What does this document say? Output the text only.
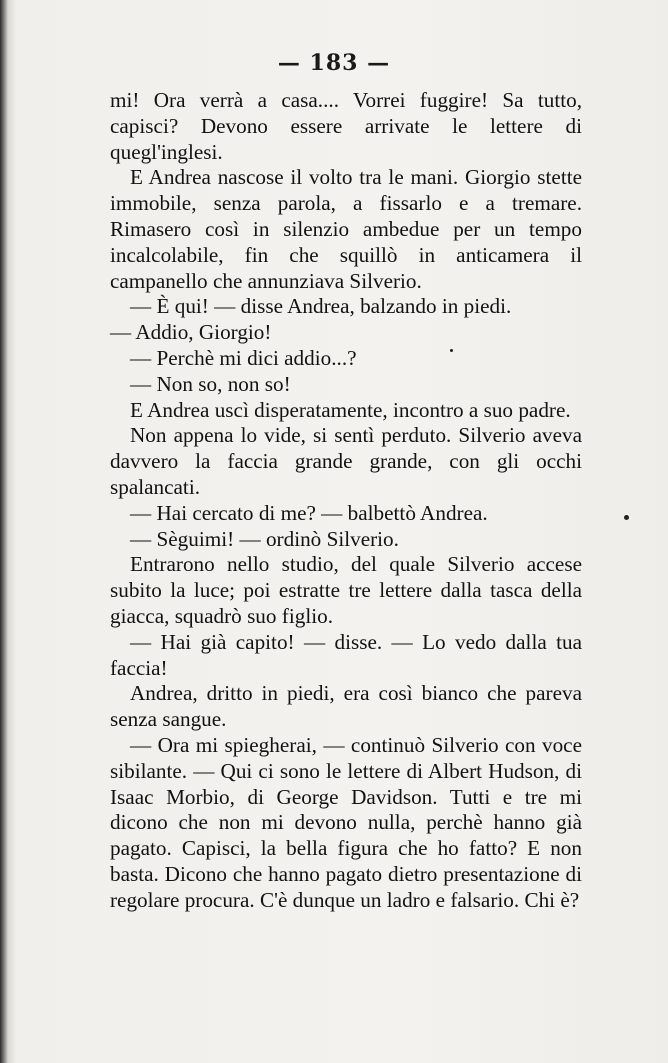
— 183 —

mi! Ora verrà a casa.... Vorrei fuggire! Sa tutto, capisci? Devono essere arrivate le lettere di quegl'inglesi.

E Andrea nascose il volto tra le mani. Giorgio stette immobile, senza parola, a fissarlo e a tremare. Rimasero così in silenzio ambedue per un tempo incalcolabile, fin che squillò in anticamera il campanello che annunziava Silverio.

— È qui! — disse Andrea, balzando in piedi.

— Addio, Giorgio!

— Perchè mi dici addio...?

— Non so, non so!

E Andrea uscì disperatamente, incontro a suo padre.

Non appena lo vide, si sentì perduto. Silverio aveva davvero la faccia grande grande, con gli occhi spalancati.

— Hai cercato di me? — balbettò Andrea.

— Sèguimi! — ordinò Silverio.

Entrarono nello studio, del quale Silverio accese subito la luce; poi estratte tre lettere dalla tasca della giacca, squadrò suo figlio.

— Hai già capito! — disse. — Lo vedo dalla tua faccia!

Andrea, dritto in piedi, era così bianco che pareva senza sangue.

— Ora mi spiegherai, — continuò Silverio con voce sibilante. — Qui ci sono le lettere di Albert Hudson, di Isaac Morbio, di George Davidson. Tutti e tre mi dicono che non mi devono nulla, perchè hanno già pagato. Capisci, la bella figura che ho fatto? E non basta. Dicono che hanno pagato dietro presentazione di regolare procura. C'è dunque un ladro e falsario. Chi è?
